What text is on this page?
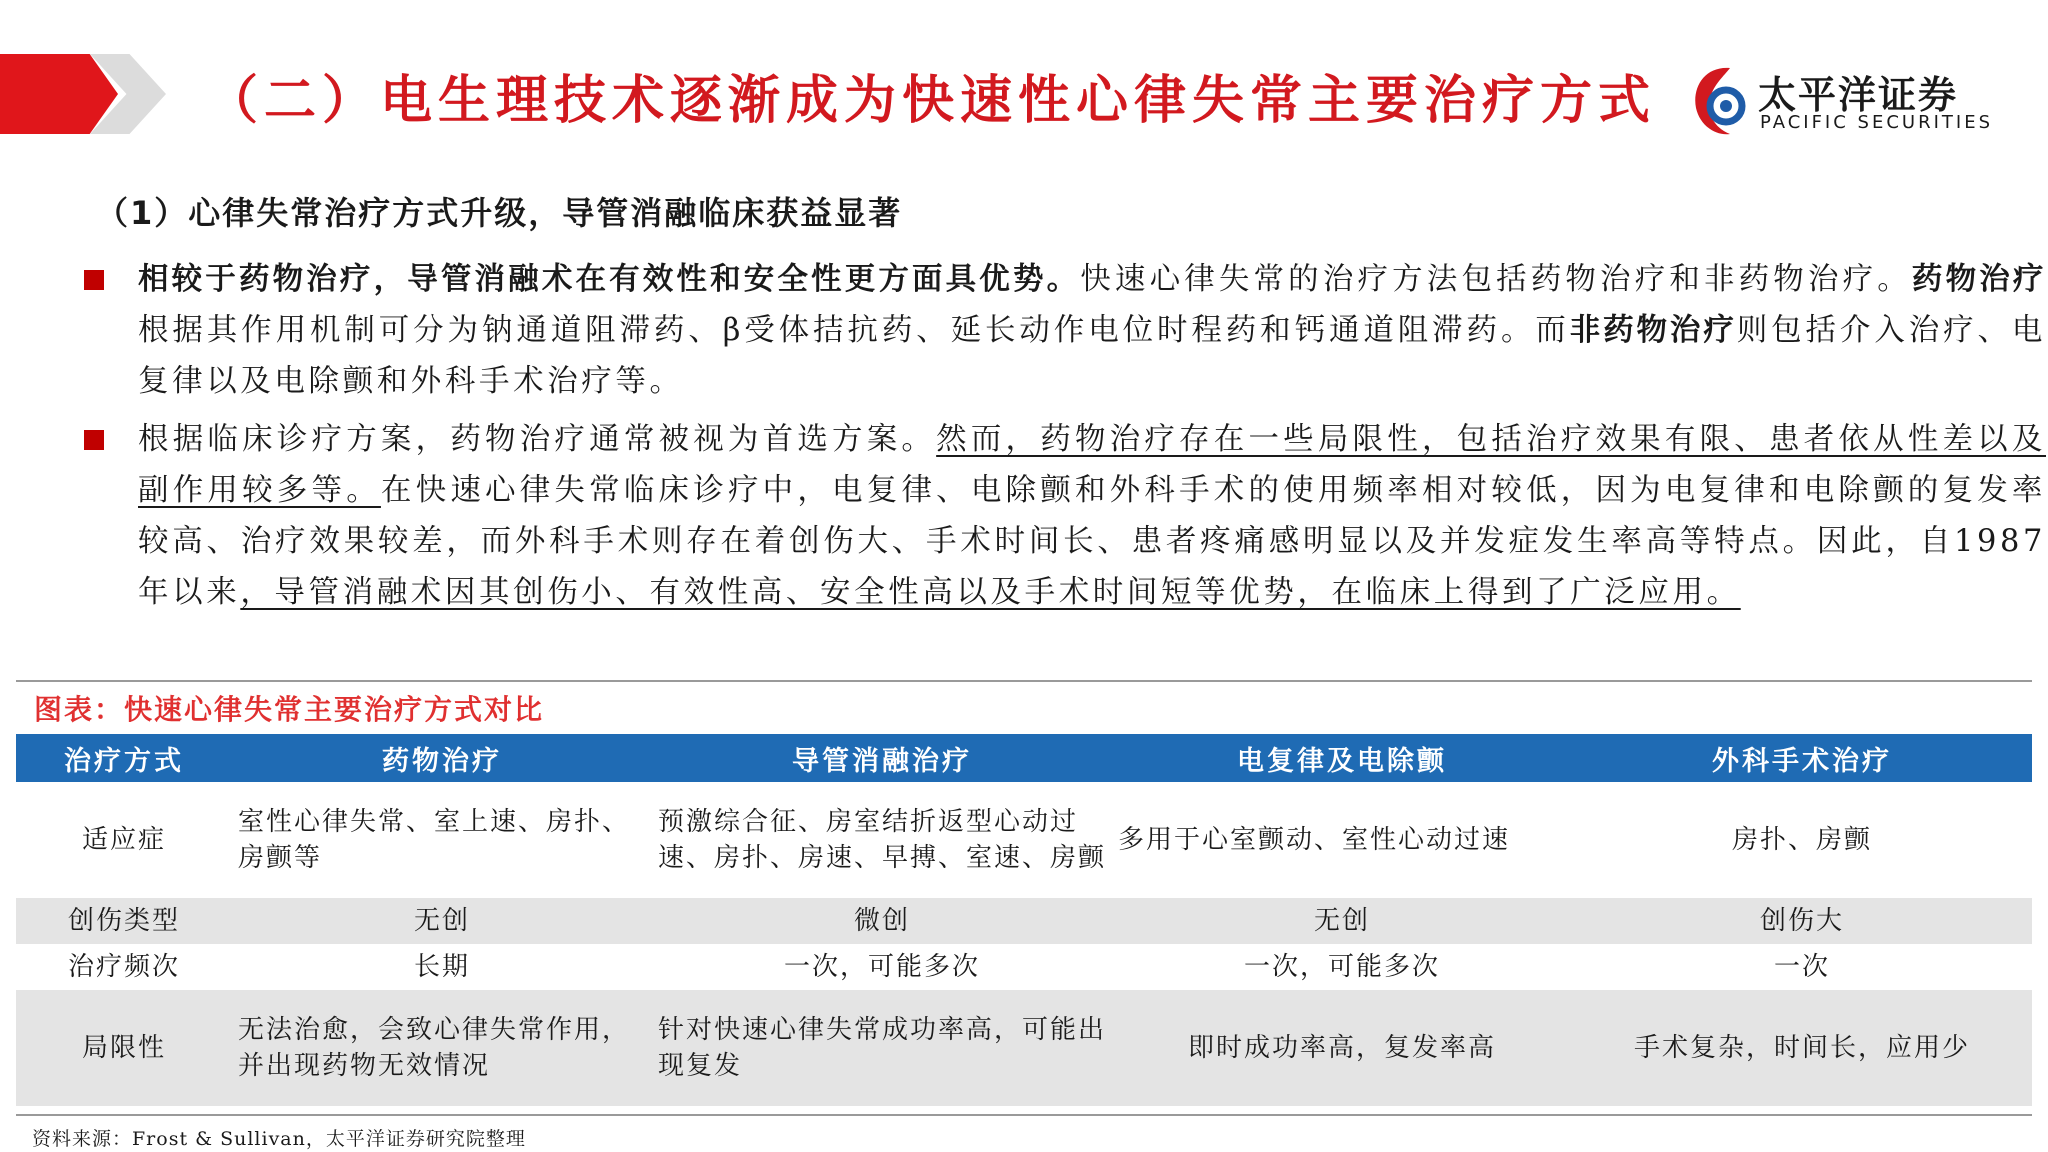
（二）电生理技术逐渐成为快速性心律失常主要治疗方式	太平洋证券
PACIFIC SECURITIES
（1）心律失常治疗方式升级，导管消融临床获益显著
相较于药物治疗，导管消融术在有效性和安全性更方面具优势。快速心律失常的治疗方法包括药物治疗和非药物治疗。药物治疗根据其作用机制可分为钠通道阻滞药、β受体拮抗药、延长动作电位时程药和钙通道阻滞药。而非药物治疗则包括介入治疗、电复律以及电除颤和外科手术治疗等。
根据临床诊疗方案，药物治疗通常被视为首选方案。然而，药物治疗存在一些局限性，包括治疗效果有限、患者依从性差以及副作用较多等。在快速心律失常临床诊疗中，电复律、电除颤和外科手术的使用频率相对较低，因为电复律和电除颤的复发率较高、治疗效果较差，而外科手术则存在着创伤大、手术时间长、患者疼痛感明显以及并发症发生率高等特点。因此，自1987年以来，导管消融术因其创伤小、有效性高、安全性高以及手术时间短等优势，在临床上得到了广泛应用。
图表：快速心律失常主要治疗方式对比
治疗方式	药物治疗	导管消融治疗	电复律及电除颤	外科手术治疗
适应症	室性心律失常、室上速、房扑、房颤等	预激综合征、房室结折返型心动过速、房扑、房速、早搏、室速、房颤	多用于心室颤动、室性心动过速	房扑、房颤
创伤类型	无创	微创	无创	创伤大
治疗频次	长期	一次，可能多次	一次，可能多次	一次
局限性	无法治愈，会致心律失常作用，并出现药物无效情况	针对快速心律失常成功率高，可能出现复发	即时成功率高，复发率高	手术复杂，时间长，应用少
资料来源：Frost & Sullivan，太平洋证券研究院整理
